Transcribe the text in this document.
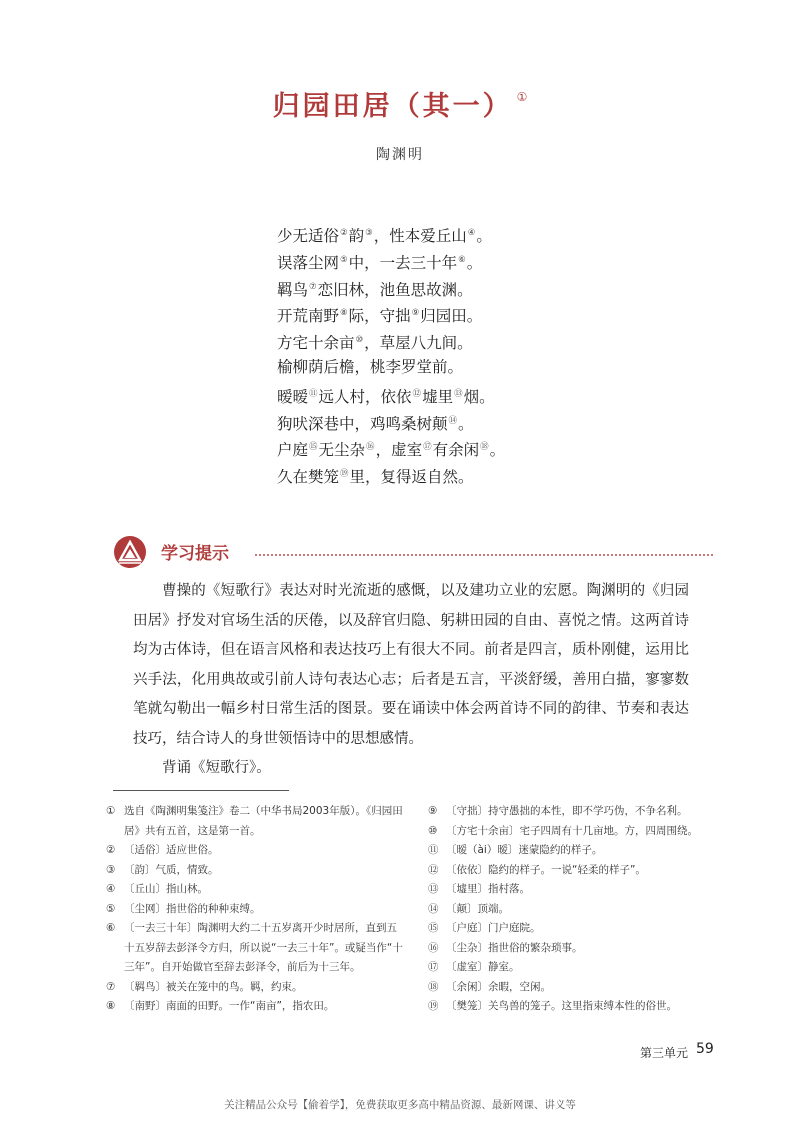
归园田居（其一） ①
陶渊明
少无适俗②韵③，性本爱丘山④。
误落尘网⑤中，一去三十年⑥。
羁鸟⑦恋旧林，池鱼思故渊。
开荒南野⑧际，守拙⑨归园田。
方宅十余亩⑩，草屋八九间。
榆柳荫后檐，桃李罗堂前。
暧暧⑪远人村，依依⑫墟里⑬烟。
狗吠深巷中，鸡鸣桑树颠⑭。
户庭⑮无尘杂⑯，虚室⑰有余闲⑱。
久在樊笼⑲里，复得返自然。
学习提示

曹操的《短歌行》表达对时光流逝的感慨，以及建功立业的宏愿。陶渊明的《归园田居》抒发对官场生活的厌倦，以及辞官归隐、躬耕田园的自由、喜悦之情。这两首诗均为古体诗，但在语言风格和表达技巧上有很大不同。前者是四言，质朴刚健，运用比兴手法，化用典故或引前人诗句表达心志；后者是五言，平淡舒缓，善用白描，寥寥数笔就勾勒出一幅乡村日常生活的图景。要在诵读中体会两首诗不同的韵律、节奏和表达技巧，结合诗人的身世领悟诗中的思想感情。

背诵《短歌行》。

① 选自《陶渊明集笺注》卷二（中华书局2003年版）。《归园田居》共有五首，这是第一首。
② 〔适俗〕适应世俗。
③ 〔韵〕气质，情致。
④ 〔丘山〕指山林。
⑤ 〔尘网〕指世俗的种种束缚。
⑥ 〔一去三十年〕陶渊明大约二十五岁离开少时居所，直到五十五岁辞去彭泽令方归，所以说“一去三十年”。或疑当作“十三年”。自开始做官至辞去彭泽令，前后为十三年。
⑦ 〔羁鸟〕被关在笼中的鸟。羁，约束。
⑧ 〔南野〕南面的田野。一作“南亩”，指农田。
⑨ 〔守拙〕持守愚拙的本性，即不学巧伪，不争名利。
⑩ 〔方宅十余亩〕宅子四周有十几亩地。方，四周围绕。
⑪ 〔暧（ài）暧〕迷蒙隐约的样子。
⑫ 〔依依〕隐约的样子。一说“轻柔的样子”。
⑬ 〔墟里〕指村落。
⑭ 〔颠〕顶端。
⑮ 〔户庭〕门户庭院。
⑯ 〔尘杂〕指世俗的繁杂琐事。
⑰ 〔虚室〕静室。
⑱ 〔余闲〕余暇，空闲。
⑲ 〔樊笼〕关鸟兽的笼子。这里指束缚本性的俗世。
第三单元 59
关注精品公众号【偷着学】，免费获取更多高中精品资源、最新网课、讲义等
